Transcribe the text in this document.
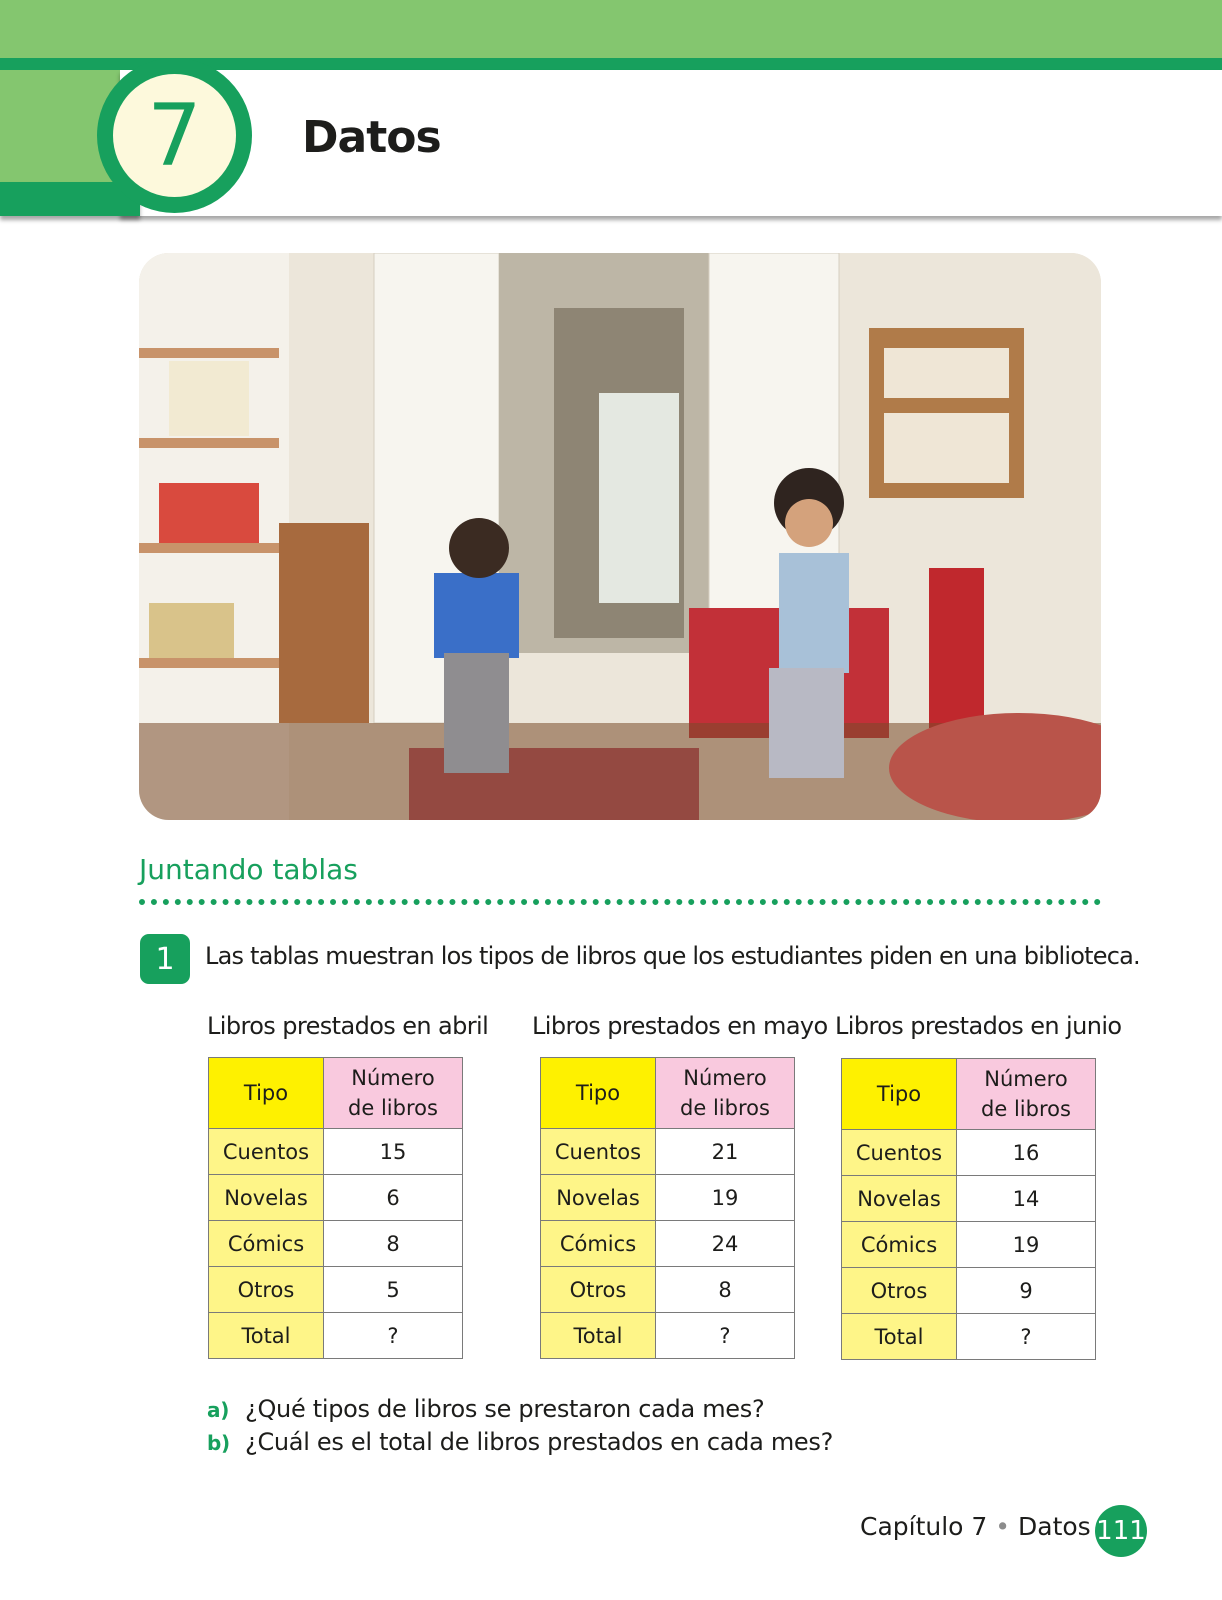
7	Datos
Juntando tablas
1	Las tablas muestran los tipos de libros que los estudiantes piden en una biblioteca.
Libros prestados en abril Libros prestados en mayo Libros prestados en junio
Tipo	Número
de libros
Cuentos	15
Novelas	6
Cómics	8
Otros	5
Total	?
Tipo	Número
de libros
Cuentos	21
Novelas	19
Cómics	24
Otros	8
Total	?
Tipo	Número
de libros
Cuentos	16
Novelas	14
Cómics	19
Otros	9
Total	?
a) ¿Qué tipos de libros se prestaron cada mes?
b) ¿Cuál es el total de libros prestados en cada mes?
Capítulo 7 • Datos 111
